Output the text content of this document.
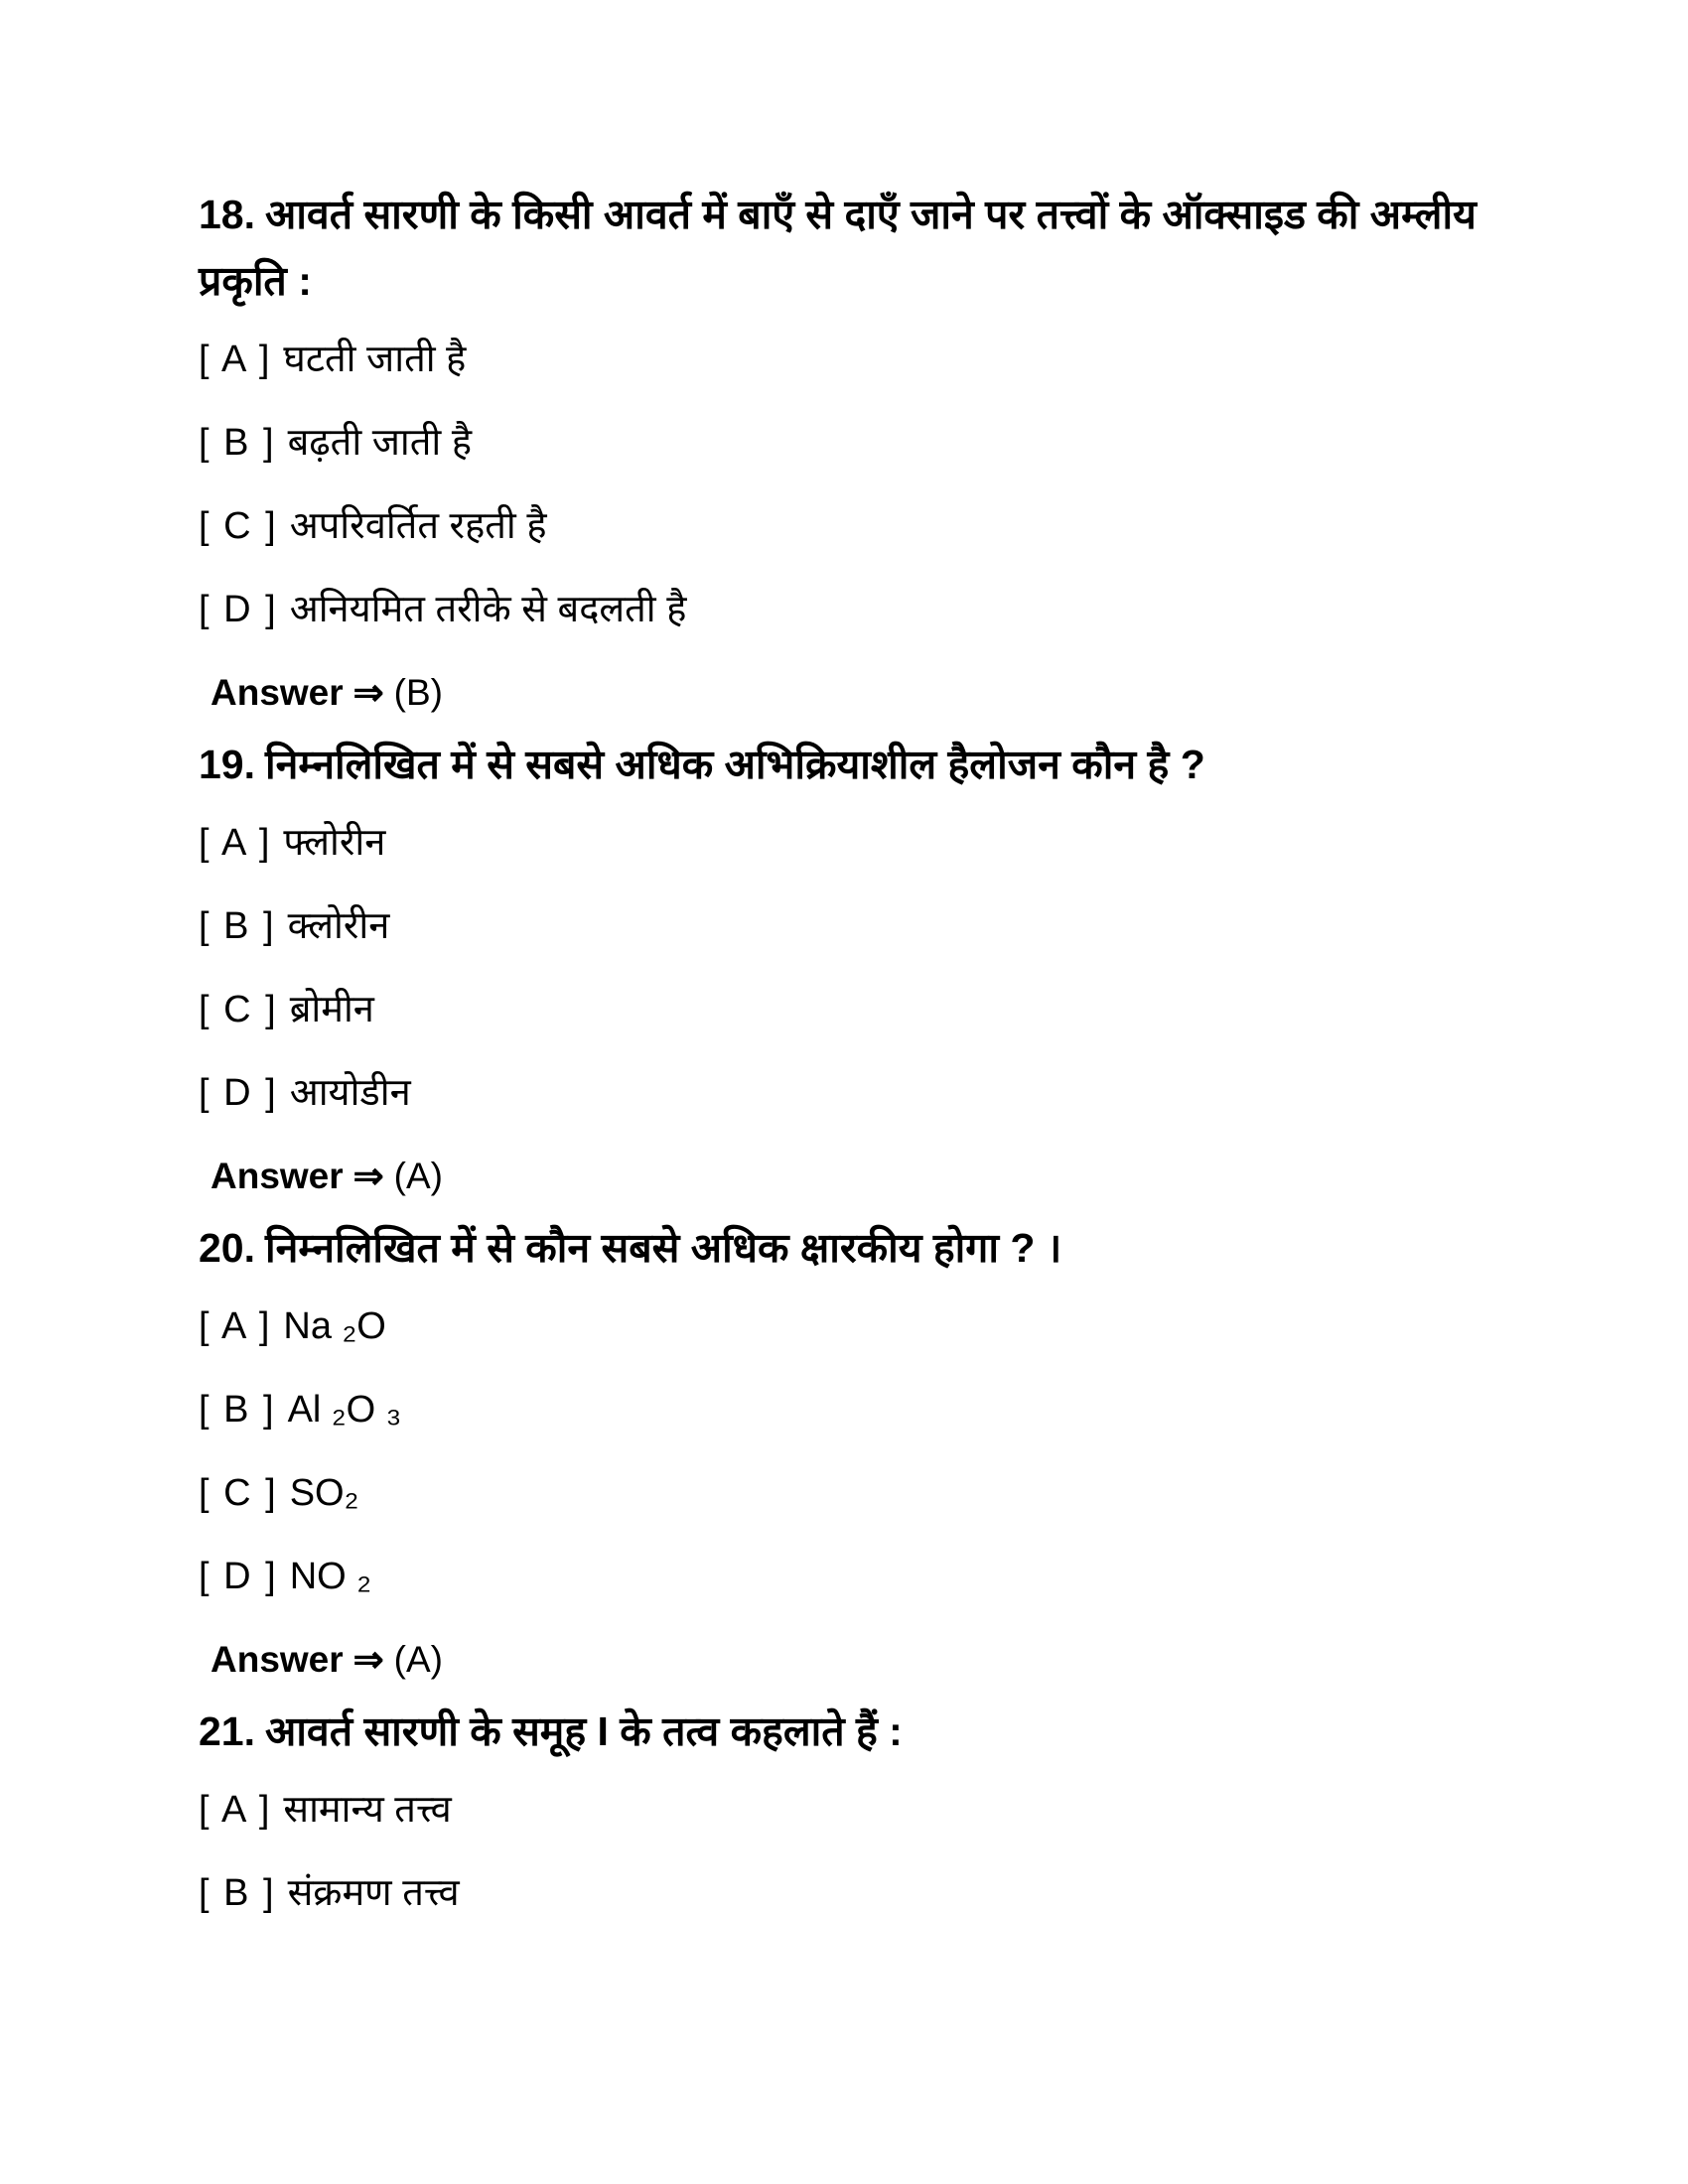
18. आवर्त सारणी के किसी आवर्त में बाएँ से दाएँ जाने पर तत्त्वों के ऑक्साइड की अम्लीय
प्रकृति :
[ A ] घटती जाती है
[ B ] बढ़ती जाती है
[ C ] अपरिवर्तित रहती है
[ D ] अनियमित तरीके से बदलती है
Answer ⇒ (B)
19. निम्नलिखित में से सबसे अधिक अभिक्रियाशील हैलोजन कौन है ?
[ A ] फ्लोरीन
[ B ] क्लोरीन
[ C ] ब्रोमीन
[ D ] आयोडीन
Answer ⇒ (A)
20. निम्नलिखित में से कौन सबसे अधिक क्षारकीय होगा ? ।
[ A ] Na ₂O
[ B ] Al ₂O ₃
[ C ] SO₂
[ D ] NO ₂
Answer ⇒ (A)
21. आवर्त सारणी के समूह I के तत्व कहलाते हैं :
[ A ] सामान्य तत्त्व
[ B ] संक्रमण तत्त्व
